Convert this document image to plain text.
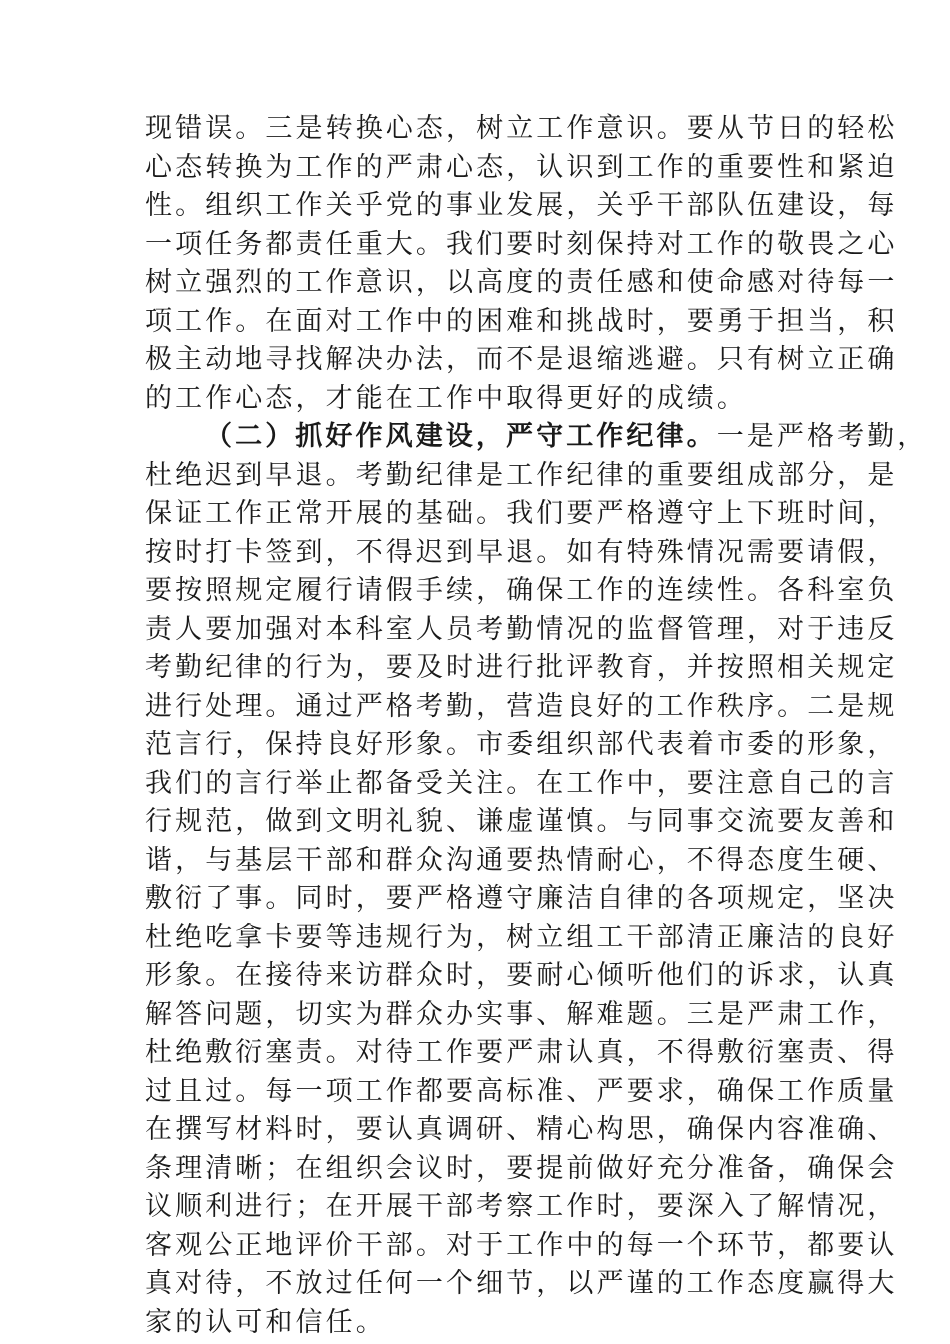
现错误。三是转换心态，树立工作意识。要从节日的轻松
心态转换为工作的严肃心态，认识到工作的重要性和紧迫
性。组织工作关乎党的事业发展，关乎干部队伍建设，每
一项任务都责任重大。我们要时刻保持对工作的敬畏之心
树立强烈的工作意识，以高度的责任感和使命感对待每一
项工作。在面对工作中的困难和挑战时，要勇于担当，积
极主动地寻找解决办法，而不是退缩逃避。只有树立正确
的工作心态，才能在工作中取得更好的成绩。
（二）抓好作风建设，严守工作纪律。一是严格考勤，
杜绝迟到早退。考勤纪律是工作纪律的重要组成部分，是
保证工作正常开展的基础。我们要严格遵守上下班时间，
按时打卡签到，不得迟到早退。如有特殊情况需要请假，
要按照规定履行请假手续，确保工作的连续性。各科室负
责人要加强对本科室人员考勤情况的监督管理，对于违反
考勤纪律的行为，要及时进行批评教育，并按照相关规定
进行处理。通过严格考勤，营造良好的工作秩序。二是规
范言行，保持良好形象。市委组织部代表着市委的形象，
我们的言行举止都备受关注。在工作中，要注意自己的言
行规范，做到文明礼貌、谦虚谨慎。与同事交流要友善和
谐，与基层干部和群众沟通要热情耐心，不得态度生硬、
敷衍了事。同时，要严格遵守廉洁自律的各项规定，坚决
杜绝吃拿卡要等违规行为，树立组工干部清正廉洁的良好
形象。在接待来访群众时，要耐心倾听他们的诉求，认真
解答问题，切实为群众办实事、解难题。三是严肃工作，
杜绝敷衍塞责。对待工作要严肃认真，不得敷衍塞责、得
过且过。每一项工作都要高标准、严要求，确保工作质量
在撰写材料时，要认真调研、精心构思，确保内容准确、
条理清晰；在组织会议时，要提前做好充分准备，确保会
议顺利进行；在开展干部考察工作时，要深入了解情况，
客观公正地评价干部。对于工作中的每一个环节，都要认
真对待，不放过任何一个细节，以严谨的工作态度赢得大
家的认可和信任。
